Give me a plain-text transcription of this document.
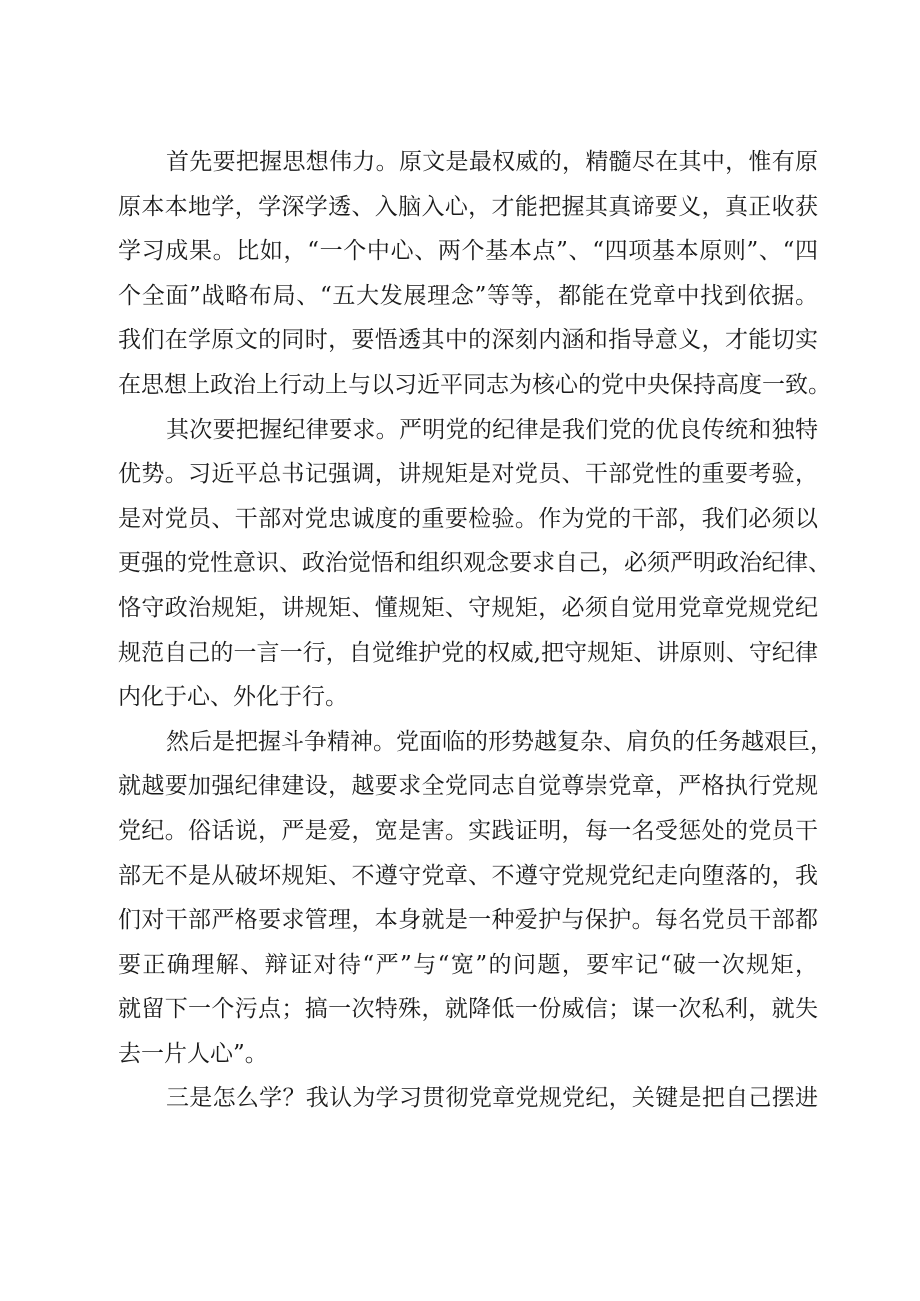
首先要把握思想伟力。原文是最权威的，精髓尽在其中，惟有原
原本本地学，学深学透、入脑入心，才能把握其真谛要义，真正收获
学习成果。比如，“一个中心、两个基本点”、“四项基本原则”、“四
个全面”战略布局、“五大发展理念”等等，都能在党章中找到依据。
我们在学原文的同时，要悟透其中的深刻内涵和指导意义，才能切实
在思想上政治上行动上与以习近平同志为核心的党中央保持高度一致。
其次要把握纪律要求。严明党的纪律是我们党的优良传统和独特
优势。习近平总书记强调，讲规矩是对党员、干部党性的重要考验，
是对党员、干部对党忠诚度的重要检验。作为党的干部，我们必须以
更强的党性意识、政治觉悟和组织观念要求自己，必须严明政治纪律、
恪守政治规矩，讲规矩、懂规矩、守规矩，必须自觉用党章党规党纪
规范自己的一言一行，自觉维护党的权威,把守规矩、讲原则、守纪律
内化于心、外化于行。
然后是把握斗争精神。党面临的形势越复杂、肩负的任务越艰巨，
就越要加强纪律建设，越要求全党同志自觉尊崇党章，严格执行党规
党纪。俗话说，严是爱，宽是害。实践证明，每一名受惩处的党员干
部无不是从破坏规矩、不遵守党章、不遵守党规党纪走向堕落的，我
们对干部严格要求管理，本身就是一种爱护与保护。每名党员干部都
要正确理解、辩证对待“严”与“宽”的问题，要牢记“破一次规矩，
就留下一个污点；搞一次特殊，就降低一份威信；谋一次私利，就失
去一片人心”。
三是怎么学？我认为学习贯彻党章党规党纪，关键是把自己摆进
